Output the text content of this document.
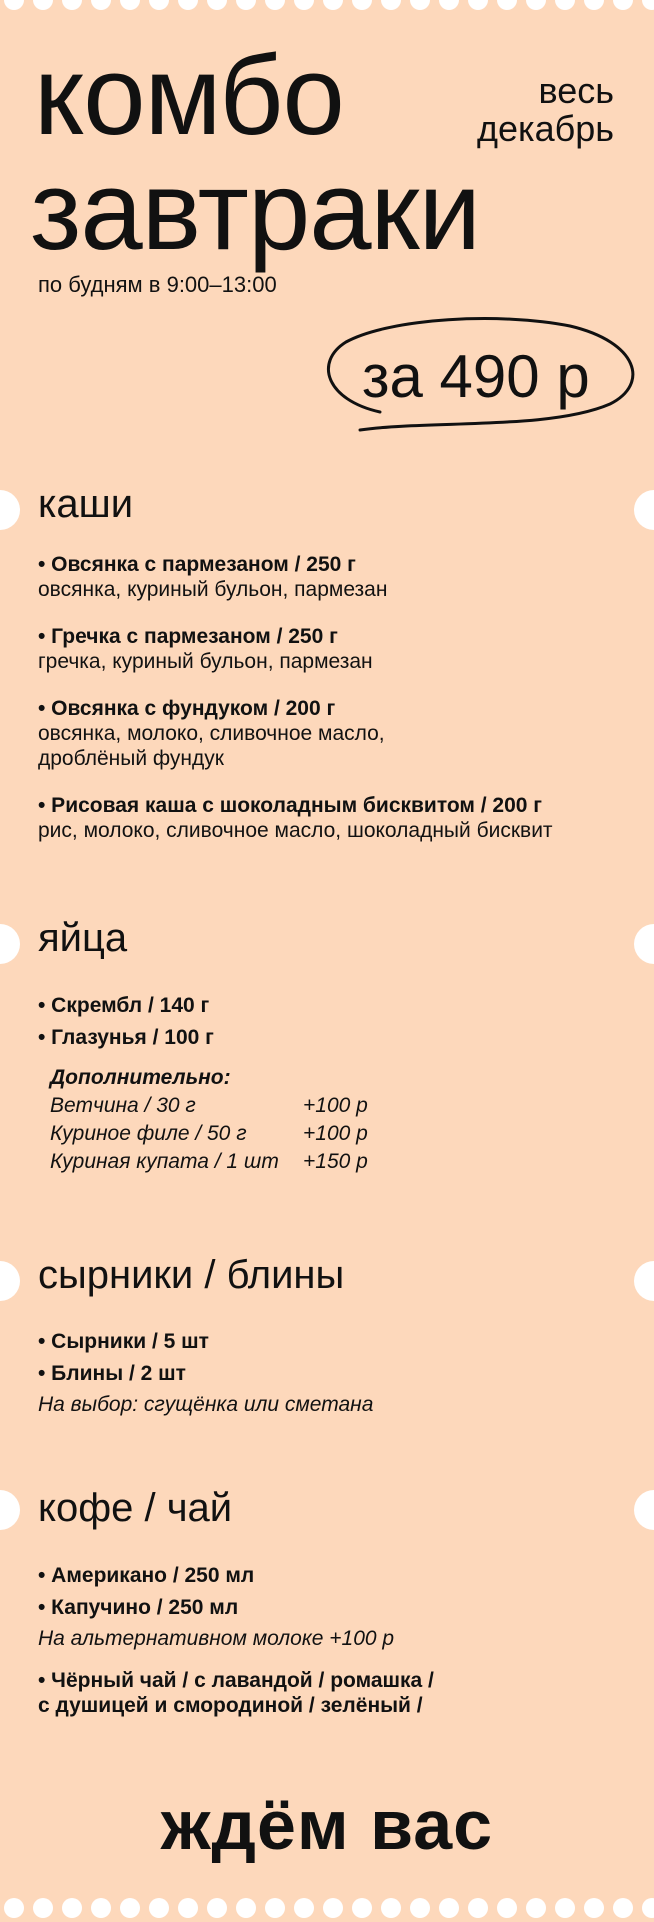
комбо	весь
декабрь
завтраки
по будням в 9:00–13:00
за 490 р
каши
• Овсянка с пармезаном / 250 г
овсянка, куриный бульон, пармезан
• Гречка с пармезаном / 250 г
гречка, куриный бульон, пармезан
• Овсянка с фундуком / 200 г
овсянка, молоко, сливочное масло,
дроблёный фундук
• Рисовая каша с шоколадным бисквитом / 200 г
рис, молоко, сливочное масло, шоколадный бисквит
яйца
• Скрембл / 140 г
• Глазунья / 100 г
Дополнительно:
Ветчина / 30 г	+100 р
Куриное филе / 50 г	+100 р
Куриная купата / 1 шт	+150 р
сырники / блины
• Сырники / 5 шт
• Блины / 2 шт
На выбор: сгущёнка или сметана
кофе / чай
• Американо / 250 мл
• Капучино / 250 мл
На альтернативном молоке +100 р
• Чёрный чай / с лавандой / ромашка /
с душицей и смородиной / зелёный /
ждём вас
